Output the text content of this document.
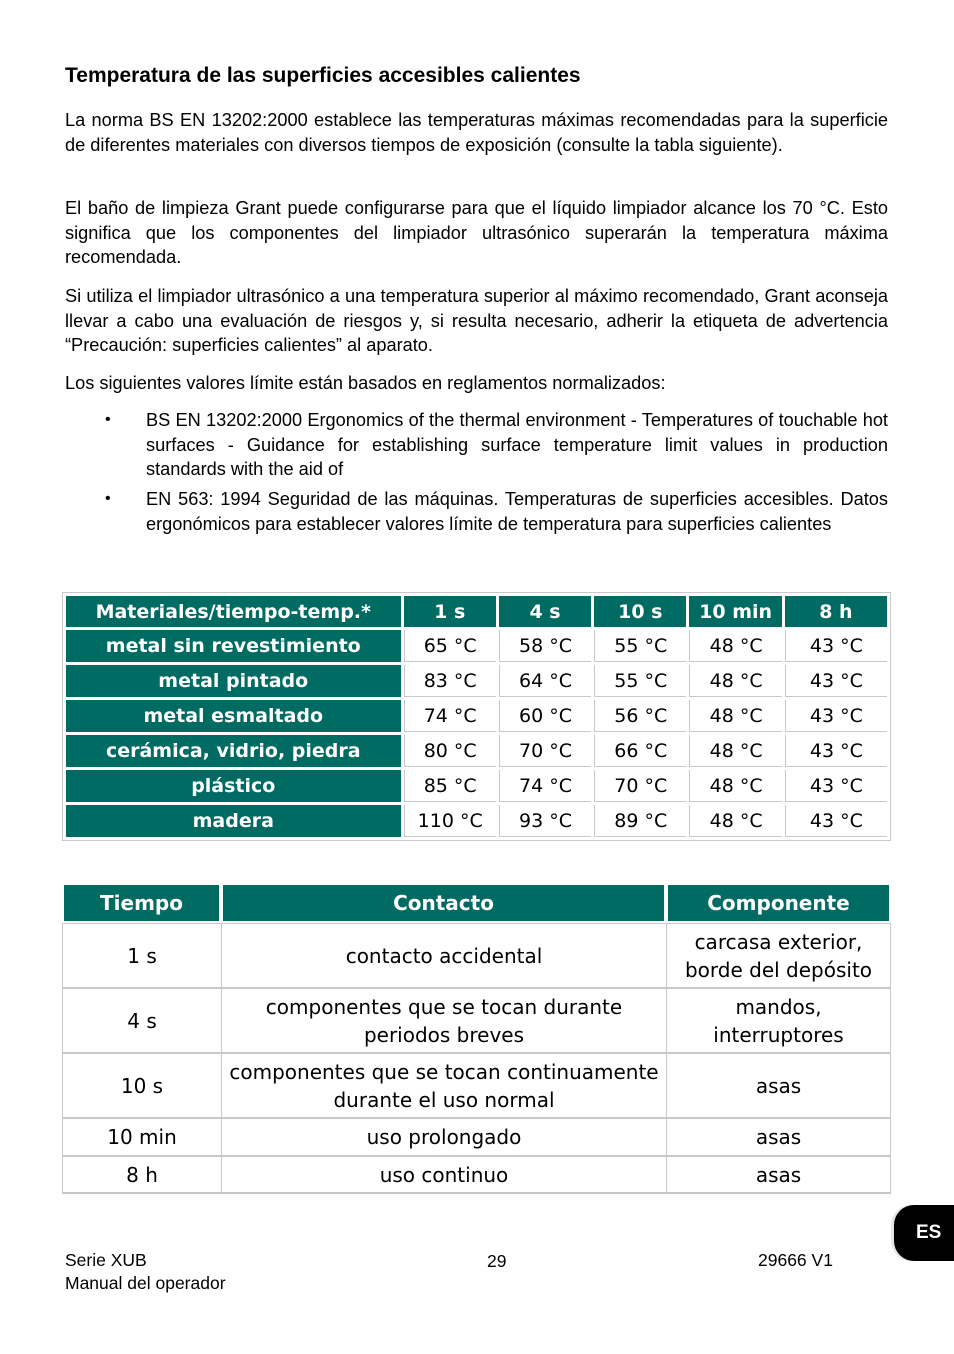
Temperatura de las superficies accesibles calientes

La norma BS EN 13202:2000 establece las temperaturas máximas recomendadas para la superficie de diferentes materiales con diversos tiempos de exposición (consulte la tabla siguiente).

El baño de limpieza Grant puede configurarse para que el líquido limpiador alcance los 70 °C. Esto significa que los componentes del limpiador ultrasónico superarán la temperatura máxima recomendada.

Si utiliza el limpiador ultrasónico a una temperatura superior al máximo recomendado, Grant aconseja llevar a cabo una evaluación de riesgos y, si resulta necesario, adherir la etiqueta de advertencia “Precaución: superficies calientes” al aparato.

Los siguientes valores límite están basados en reglamentos normalizados:

• BS EN 13202:2000 Ergonomics of the thermal environment - Temperatures of touchable hot surfaces - Guidance for establishing surface temperature limit values in production standards with the aid of
• EN 563: 1994 Seguridad de las máquinas. Temperaturas de superficies accesibles. Datos ergonómicos para establecer valores límite de temperatura para superficies calientes
Materiales/tiempo-temp.*	1 s	4 s	10 s	10 min	8 h
metal sin revestimiento	65 °C	58 °C	55 °C	48 °C	43 °C
metal pintado	83 °C	64 °C	55 °C	48 °C	43 °C
metal esmaltado	74 °C	60 °C	56 °C	48 °C	43 °C
cerámica, vidrio, piedra	80 °C	70 °C	66 °C	48 °C	43 °C
plástico	85 °C	74 °C	70 °C	48 °C	43 °C
madera	110 °C	93 °C	89 °C	48 °C	43 °C
Tiempo	Contacto	Componente
1 s	contacto accidental	carcasa exterior, borde del depósito
4 s	componentes que se tocan durante periodos breves	mandos, interruptores
10 s	componentes que se tocan continuamente durante el uso normal	asas
10 min	uso prolongado	asas
8 h	uso continuo	asas
ES
Serie XUB
Manual del operador
29	29666 V1
